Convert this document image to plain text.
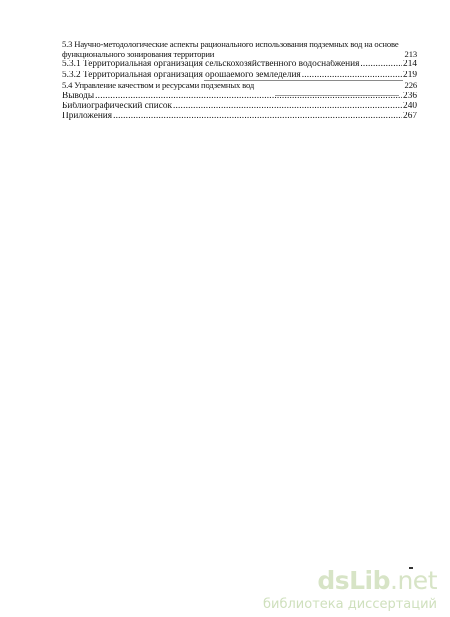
5.3 Научно-методологические аспекты рационального использования подземных вод на основе
функционального зонирования территории	213
5.3.1 Территориальная организация сельскохозяйственного водоснабжения .....	214
5.3.2 Территориальная организация орошаемого земледелия .....	219
5.4 Управление качеством и ресурсами подземных вод	226
Выводы .....	236
Библиографический список .....	240
Приложения .....	267
dsLib.net
библиотека диссертаций
